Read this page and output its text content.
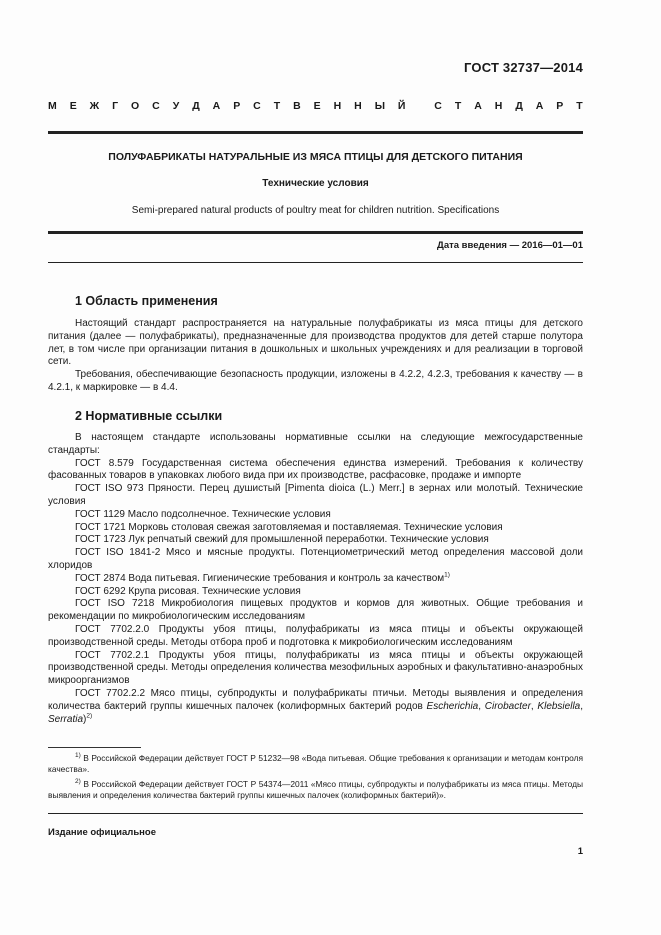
ГОСТ 32737—2014
М Е Ж Г О С У Д А Р С Т В Е Н Н Ы Й
	С Т А Н Д А Р Т
ПОЛУФАБРИКАТЫ НАТУРАЛЬНЫЕ ИЗ МЯСА ПТИЦЫ ДЛЯ ДЕТСКОГО ПИТАНИЯ
Технические условия
Semi-prepared natural products of poultry meat for children nutrition. Specifications
Дата введения — 2016—01—01
1 Область применения

Настоящий стандарт распространяется на натуральные полуфабрикаты из мяса птицы для детского питания (далее — полуфабрикаты), предназначенные для производства продуктов для детей старше полутора лет, в том числе при организации питания в дошкольных и школьных учреждениях и для реализации в торговой сети.

Требования, обеспечивающие безопасность продукции, изложены в 4.2.2, 4.2.3, требования к качеству — в 4.2.1, к маркировке — в 4.4.

2 Нормативные ссылки

В настоящем стандарте использованы нормативные ссылки на следующие межгосударственные стандарты:

ГОСТ 8.579 Государственная система обеспечения единства измерений. Требования к количеству фасованных товаров в упаковках любого вида при их производстве, расфасовке, продаже и импорте

ГОСТ ISO 973 Пряности. Перец душистый [Pimenta dioica (L.) Merr.] в зернах или молотый. Технические условия

ГОСТ 1129 Масло подсолнечное. Технические условия

ГОСТ 1721 Морковь столовая свежая заготовляемая и поставляемая. Технические условия

ГОСТ 1723 Лук репчатый свежий для промышленной переработки. Технические условия

ГОСТ ISO 1841-2 Мясо и мясные продукты. Потенциометрический метод определения массовой доли хлоридов

ГОСТ 2874 Вода питьевая. Гигиенические требования и контроль за качеством$^{1)}$

ГОСТ 6292 Крупа рисовая. Технические условия

ГОСТ ISO 7218 Микробиология пищевых продуктов и кормов для животных. Общие требования и рекомендации по микробиологическим исследованиям

ГОСТ 7702.2.0 Продукты убоя птицы, полуфабрикаты из мяса птицы и объекты окружающей производственной среды. Методы отбора проб и подготовка к микробиологическим исследованиям

ГОСТ 7702.2.1 Продукты убоя птицы, полуфабрикаты из мяса птицы и объекты окружающей производственной среды. Методы определения количества мезофильных аэробных и факультативно-анаэробных микроорганизмов

ГОСТ 7702.2.2 Мясо птицы, субпродукты и полуфабрикаты птичьи. Методы выявления и определения количества бактерий группы кишечных палочек (колиформных бактерий родов Escherichia, Cirobacter, Klebsiella, Serratia)$^{2)}$

$^{1)}$ В Российской Федерации действует ГОСТ Р 51232—98 «Вода питьевая. Общие требования к организации и методам контроля качества».
$^{2)}$ В Российской Федерации действует ГОСТ Р 54374—2011 «Мясо птицы, субпродукты и полуфабрикаты из мяса птицы. Методы выявления и определения количества бактерий группы кишечных палочек (колиформных бактерий)».
Издание официальное
1
